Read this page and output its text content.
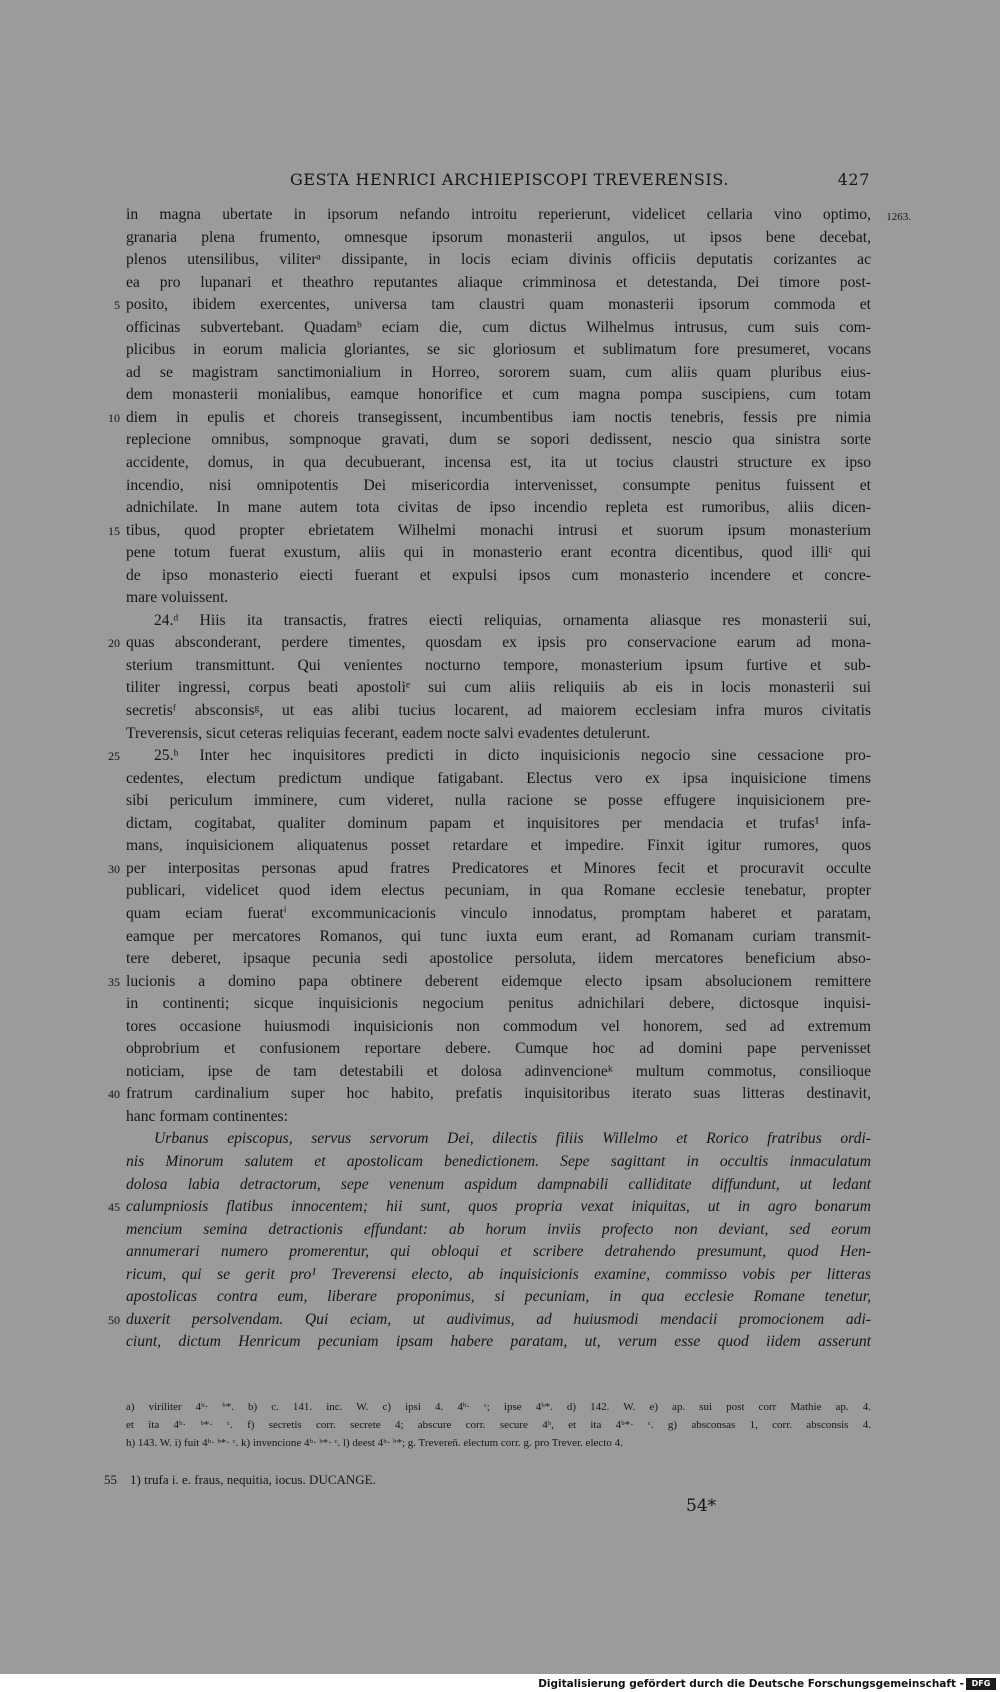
GESTA HENRICI ARCHIEPISCOPI TREVERENSIS.	427
in magna ubertate in ipsorum nefando introitu reperierunt, videlicet cellaria vino optimo, 1263.
granaria plena frumento, omnesque ipsorum monasterii angulos, ut ipsos bene decebat,
plenos utensilibus, viliterᵃ dissipante, in locis eciam divinis officiis deputatis corizantes ac
ea pro lupanari et theathro reputantes aliaque crimminosa et detestanda, Dei timore post-
posito, ibidem exercentes, universa tam claustri quam monasterii ipsorum commoda et
5
officinas subvertebant. Quadamᵇ eciam die, cum dictus Wilhelmus intrusus, cum suis com-
plicibus in eorum malicia gloriantes, se sic gloriosum et sublimatum fore presumeret, vocans
ad se magistram sanctimonialium in Horreo, sororem suam, cum aliis quam pluribus eius-
dem monasterii monialibus, eamque honorifice et cum magna pompa suscipiens, cum totam
diem in epulis et choreis transegissent, incumbentibus iam noctis tenebris, fessis pre nimia
10
replecione omnibus, sompnoque gravati, dum se sopori dedissent, nescio qua sinistra sorte
accidente, domus, in qua decubuerant, incensa est, ita ut tocius claustri structure ex ipso
incendio, nisi omnipotentis Dei misericordia intervenisset, consumpte penitus fuissent et
adnichilate. In mane autem tota civitas de ipso incendio repleta est rumoribus, aliis dicen-
tibus, quod propter ebrietatem Wilhelmi monachi intrusi et suorum ipsum monasterium
15
pene totum fuerat exustum, aliis qui in monasterio erant econtra dicentibus, quod illiᶜ qui
de ipso monasterio eiecti fuerant et expulsi ipsos cum monasterio incendere et concre-
mare voluissent.
24.ᵈ Hiis ita transactis, fratres eiecti reliquias, ornamenta aliasque res monasterii sui,
quas absconderant, perdere timentes, quosdam ex ipsis pro conservacione earum ad mona-
20
sterium transmittunt. Qui venientes nocturno tempore, monasterium ipsum furtive et sub-
tiliter ingressi, corpus beati apostoliᵉ sui cum aliis reliquiis ab eis in locis monasterii sui
secretisᶠ absconsisᵍ, ut eas alibi tucius locarent, ad maiorem ecclesiam infra muros civitatis
Treverensis, sicut ceteras reliquias fecerant, eadem nocte salvi evadentes detulerunt.
25.ʰ Inter hec inquisitores predicti in dicto inquisicionis negocio sine cessacione pro-
25
cedentes, electum predictum undique fatigabant. Electus vero ex ipsa inquisicione timens
sibi periculum imminere, cum videret, nulla racione se posse effugere inquisicionem pre-
dictam, cogitabat, qualiter dominum papam et inquisitores per mendacia et trufas¹ infa-
mans, inquisicionem aliquatenus posset retardare et impedire. Finxit igitur rumores, quos
per interpositas personas apud fratres Predicatores et Minores fecit et procuravit occulte
30
publicari, videlicet quod idem electus pecuniam, in qua Romane ecclesie tenebatur, propter
quam eciam fueratⁱ excommunicacionis vinculo innodatus, promptam haberet et paratam,
eamque per mercatores Romanos, qui tunc iuxta eum erant, ad Romanam curiam transmit-
tere deberet, ipsaque pecunia sedi apostolice persoluta, iidem mercatores beneficium abso-
lucionis a domino papa obtinere deberent eidemque electo ipsam absolucionem remittere
35
in continenti; sicque inquisicionis negocium penitus adnichilari debere, dictosque inquisi-
tores occasione huiusmodi inquisicionis non commodum vel honorem, sed ad extremum
obprobrium et confusionem reportare debere. Cumque hoc ad domini pape pervenisset
noticiam, ipse de tam detestabili et dolosa adinvencioneᵏ multum commotus, consilioque
fratrum cardinalium super hoc habito, prefatis inquisitoribus iterato suas litteras destinavit,
40
hanc formam continentes:
Urbanus episcopus, servus servorum Dei, dilectis filiis Willelmo et Rorico fratribus ordi-
nis Minorum salutem et apostolicam benedictionem. Sepe sagittant in occultis inmaculatum
dolosa labia detractorum, sepe venenum aspidum dampnabili calliditate diffundunt, ut ledant
calumpniosis flatibus innocentem; hii sunt, quos propria vexat iniquitas, ut in agro bonarum
45
mencium semina detractionis effundant: ab horum inviis profecto non deviant, sed eorum
annumerari numero promerentur, qui obloqui et scribere detrahendo presumunt, quod Hen-
ricum, qui se gerit pro¹ Treverensi electo, ab inquisicionis examine, commisso vobis per litteras
apostolicas contra eum, liberare proponimus, si pecuniam, in qua ecclesie Romane tenetur,
duxerit persolvendam. Qui eciam, ut audivimus, ad huiusmodi mendacii promocionem adi-
50
ciunt, dictum Henricum pecuniam ipsam habere paratam, ut, verum esse quod iidem asserunt
a) viriliter 4ᵇ· ᵇ*. b) c. 141. inc. W. c) ipsi 4. 4ᵇ· ᶜ; ipse 4ᵇ*. d) 142. W. e) ap. sui post corr Mathie ap. 4.
et ita 4ᵇ· ᵇ*· ᶜ. f) secretis corr. secrete 4; abscure corr. secure 4ᵇ, et ita 4ᵇ*· ᶜ. g) absconsas 1, corr. absconsis 4.
h) 143. W. i) fuit 4ᵇ· ᵇ*· ᶜ. k) invencione 4ᵇ· ᵇ*· ᶜ. l) deest 4ᵇ· ᵇ*; g. Treveren̄. electum corr. g. pro Trever. electo 4.
55 1) trufa i. e. fraus, nequitia, iocus. DUCANGE.
54*
Digitalisierung gefördert durch die Deutsche Forschungsgemeinschaft - DFG
